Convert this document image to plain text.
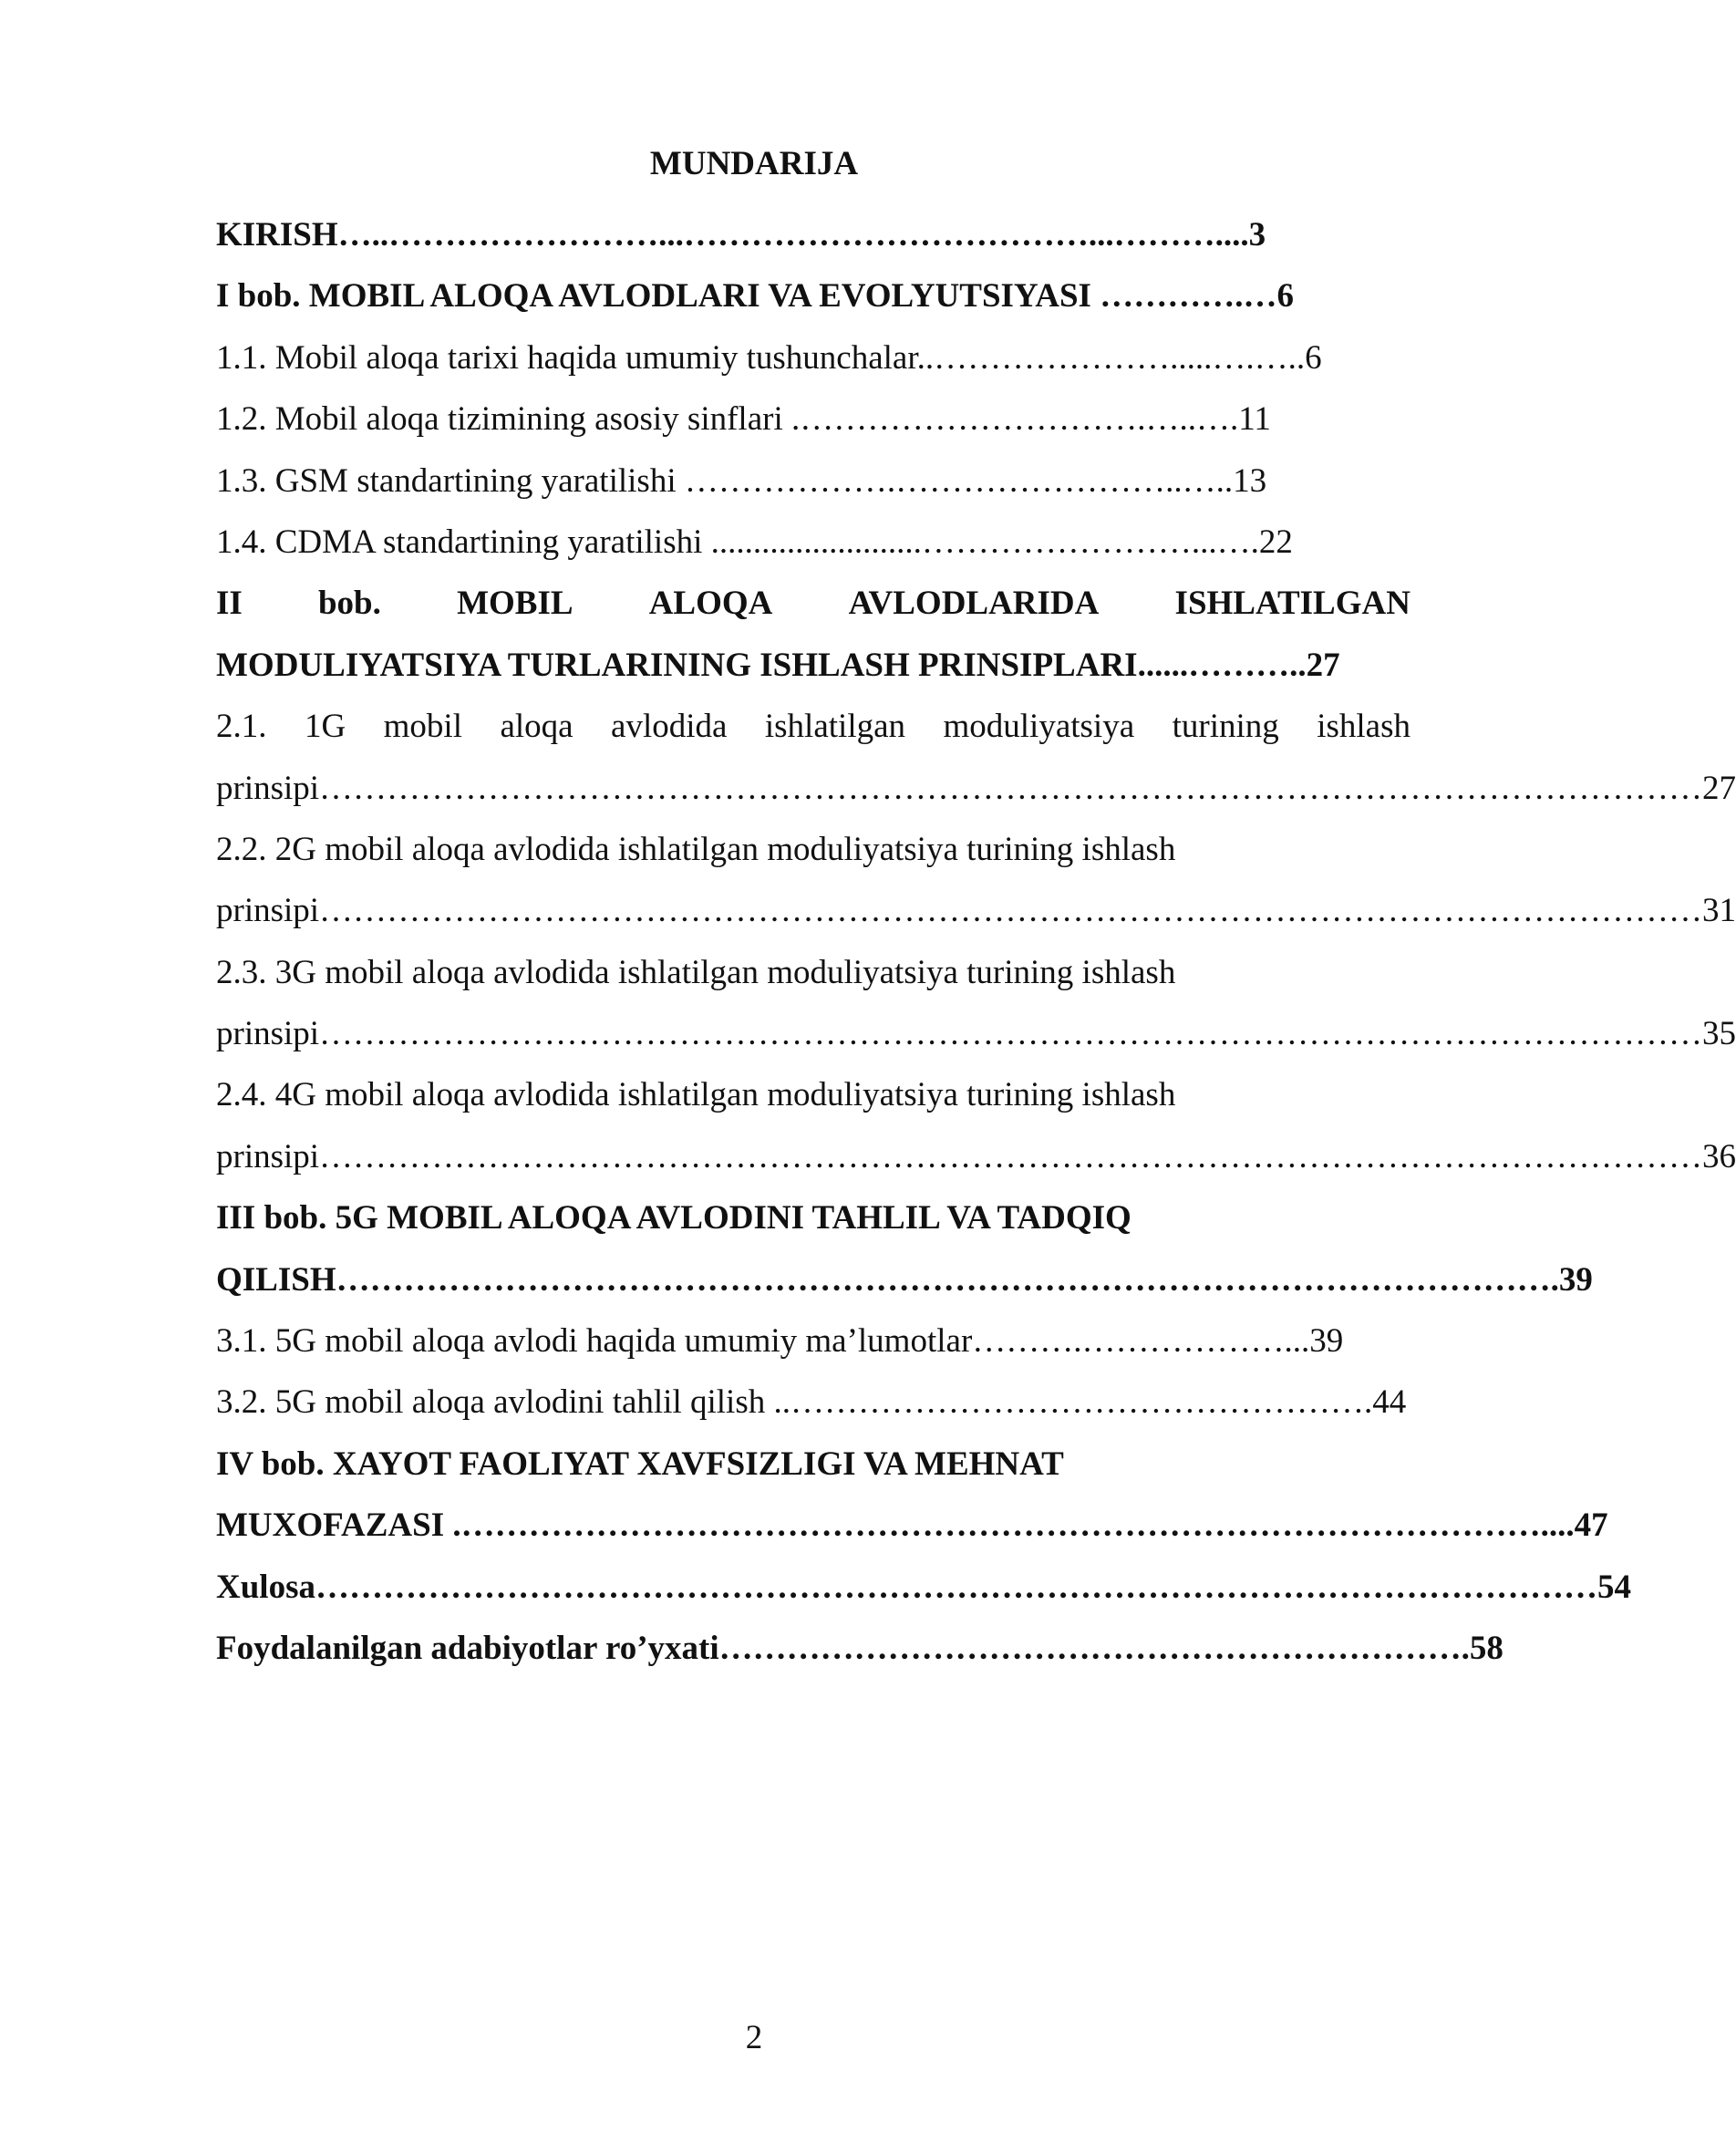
MUNDARIJA
KIRISH…..……………………...………………………………...………....3
I bob. MOBIL ALOQA AVLODLARI VA EVOLYUTSIYASI ………….…6
1.1. Mobil aloqa tarixi haqida umumiy tushunchalar..………………….....….…..6
1.2. Mobil aloqa tizimining asosiy sinflari .………………………….…..….11
1.3. GSM standartining yaratilishi ……………….……………………..…..13
1.4. CDMA standartining yaratilishi .........................……………………...….22
II bob. MOBIL ALOQA AVLODLARIDA ISHLATILGAN
MODULIYATSIYA TURLARINING ISHLASH PRINSIPLARI......………..27
2.1. 1G mobil aloqa avlodida ishlatilgan moduliyatsiya turining ishlash
prinsipi……………………………………………………………………………………………………………27
2.2. 2G mobil aloqa avlodida ishlatilgan moduliyatsiya turining ishlash
prinsipi……………………………………………………………………………………………………………31
2.3. 3G mobil aloqa avlodida ishlatilgan moduliyatsiya turining ishlash
prinsipi……………………………………………………………………………………………………………35
2.4. 4G mobil aloqa avlodida ishlatilgan moduliyatsiya turining ishlash
prinsipi……………………………………………………………………………………………………………36
III bob. 5G MOBIL ALOQA AVLODINI TAHLIL VA TADQIQ
QILISH……………………………………………………………………………………………….39
3.1. 5G mobil aloqa avlodi haqida umumiy ma’lumotlar……….………………...39
3.2. 5G mobil aloqa avlodini tahlil qilish ..…………………………………………….44
IV bob. XAYOT FAOLIYAT XAVFSIZLIGI VA MEHNAT
MUXOFAZASI .……………………………………………………………………………………....47
Xulosa……………………………………………………………………………………………………54
Foydalanilgan adabiyotlar ro’yxati………………………………………………………….58
2
